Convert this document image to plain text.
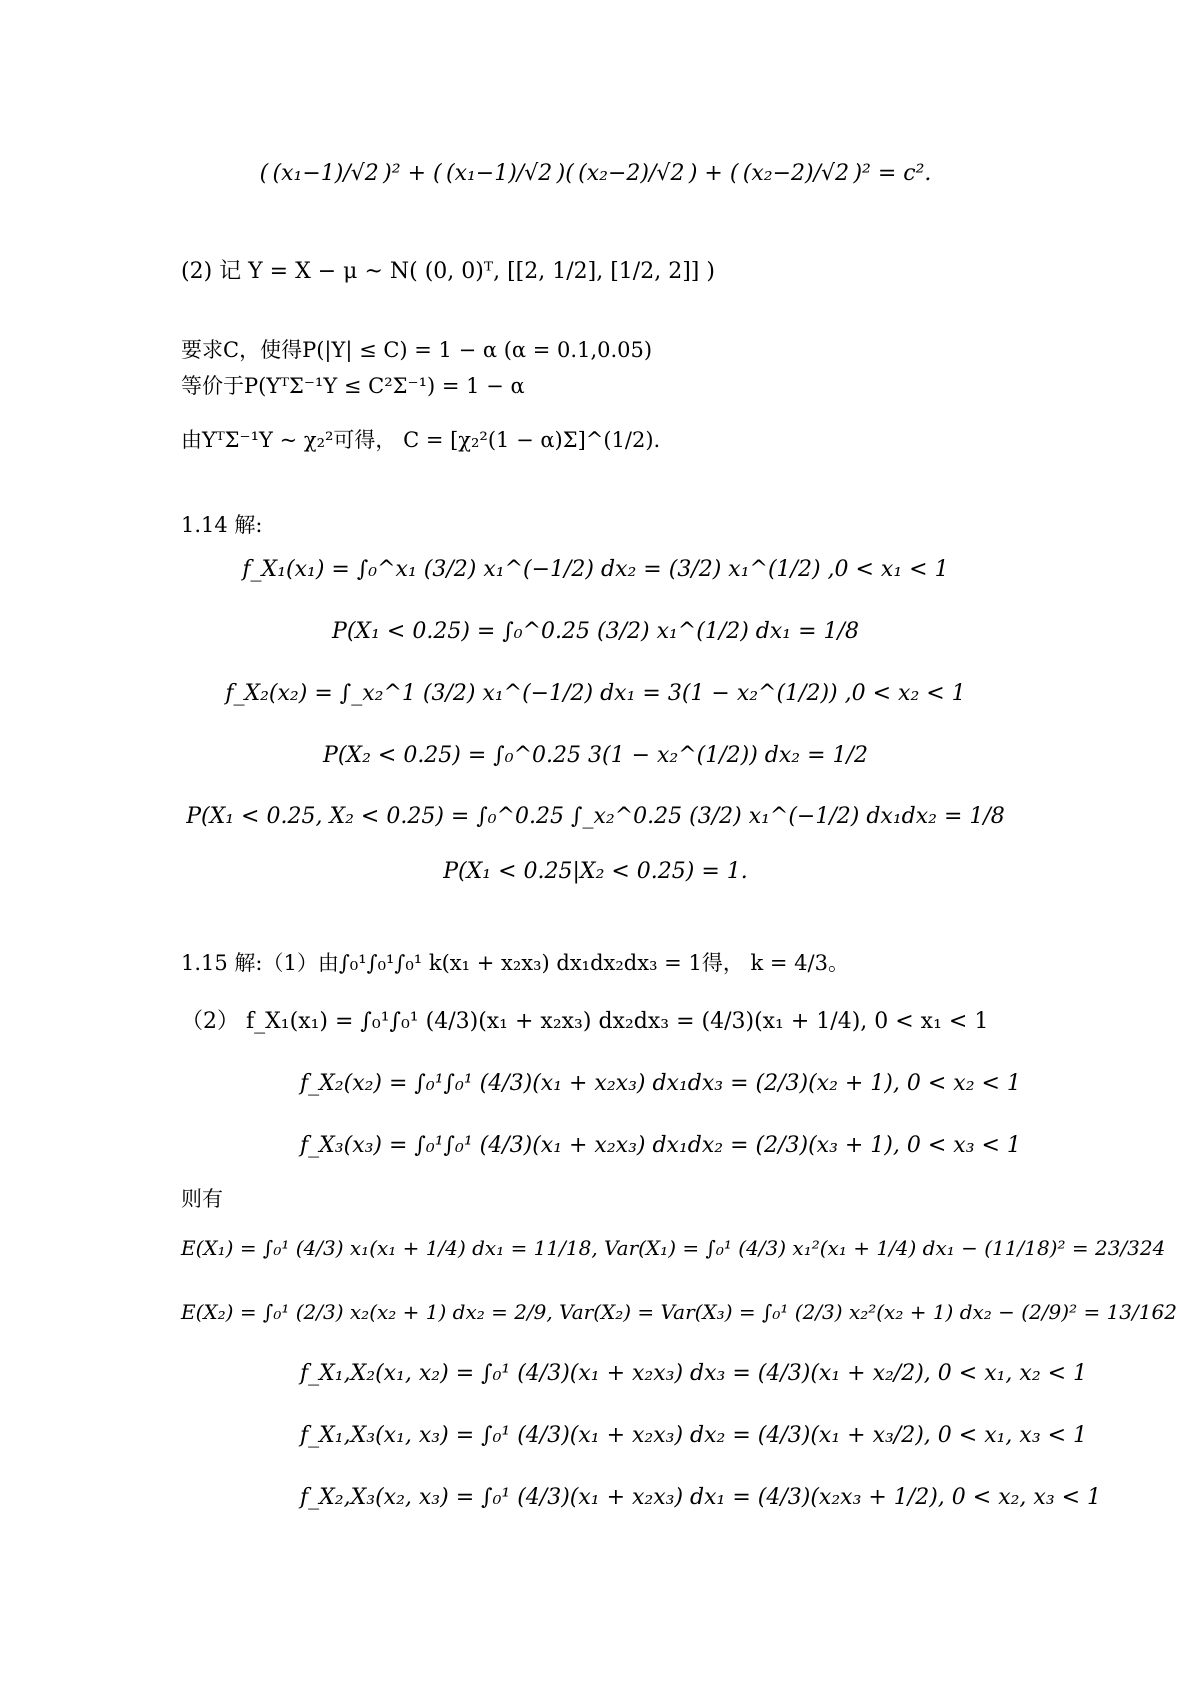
( (x₁−1)/√2 )² + ( (x₁−1)/√2 )( (x₂−2)/√2 ) + ( (x₂−2)/√2 )² = c².
(2) 记 Y = X − μ ~ N( (0, 0)ᵀ, [[2, 1/2], [1/2, 2]] )
要求C，使得P(|Y| ≤ C) = 1 − α (α = 0.1,0.05)
等价于P(YᵀΣ⁻¹Y ≤ C²Σ⁻¹) = 1 − α
由YᵀΣ⁻¹Y ~ χ₂²可得， C = [χ₂²(1 − α)Σ]^(1/2).
1.14 解:
f_X₁(x₁) = ∫₀^x₁ (3/2) x₁^(−1/2) dx₂ = (3/2) x₁^(1/2) ,0 < x₁ < 1
P(X₁ < 0.25) = ∫₀^0.25 (3/2) x₁^(1/2) dx₁ = 1/8
f_X₂(x₂) = ∫_x₂^1 (3/2) x₁^(−1/2) dx₁ = 3(1 − x₂^(1/2)) ,0 < x₂ < 1
P(X₂ < 0.25) = ∫₀^0.25 3(1 − x₂^(1/2)) dx₂ = 1/2
P(X₁ < 0.25, X₂ < 0.25) = ∫₀^0.25 ∫_x₂^0.25 (3/2) x₁^(−1/2) dx₁dx₂ = 1/8
P(X₁ < 0.25|X₂ < 0.25) = 1.
1.15 解:（1）由∫₀¹∫₀¹∫₀¹ k(x₁ + x₂x₃) dx₁dx₂dx₃ = 1得， k = 4/3。
（2） f_X₁(x₁) = ∫₀¹∫₀¹ (4/3)(x₁ + x₂x₃) dx₂dx₃ = (4/3)(x₁ + 1/4), 0 < x₁ < 1
f_X₂(x₂) = ∫₀¹∫₀¹ (4/3)(x₁ + x₂x₃) dx₁dx₃ = (2/3)(x₂ + 1), 0 < x₂ < 1
f_X₃(x₃) = ∫₀¹∫₀¹ (4/3)(x₁ + x₂x₃) dx₁dx₂ = (2/3)(x₃ + 1), 0 < x₃ < 1
则有
E(X₁) = ∫₀¹ (4/3) x₁(x₁ + 1/4) dx₁ = 11/18, Var(X₁) = ∫₀¹ (4/3) x₁²(x₁ + 1/4) dx₁ − (11/18)² = 23/324
E(X₂) = ∫₀¹ (2/3) x₂(x₂ + 1) dx₂ = 2/9, Var(X₂) = Var(X₃) = ∫₀¹ (2/3) x₂²(x₂ + 1) dx₂ − (2/9)² = 13/162
f_X₁,X₂(x₁, x₂) = ∫₀¹ (4/3)(x₁ + x₂x₃) dx₃ = (4/3)(x₁ + x₂/2), 0 < x₁, x₂ < 1
f_X₁,X₃(x₁, x₃) = ∫₀¹ (4/3)(x₁ + x₂x₃) dx₂ = (4/3)(x₁ + x₃/2), 0 < x₁, x₃ < 1
f_X₂,X₃(x₂, x₃) = ∫₀¹ (4/3)(x₁ + x₂x₃) dx₁ = (4/3)(x₂x₃ + 1/2), 0 < x₂, x₃ < 1
